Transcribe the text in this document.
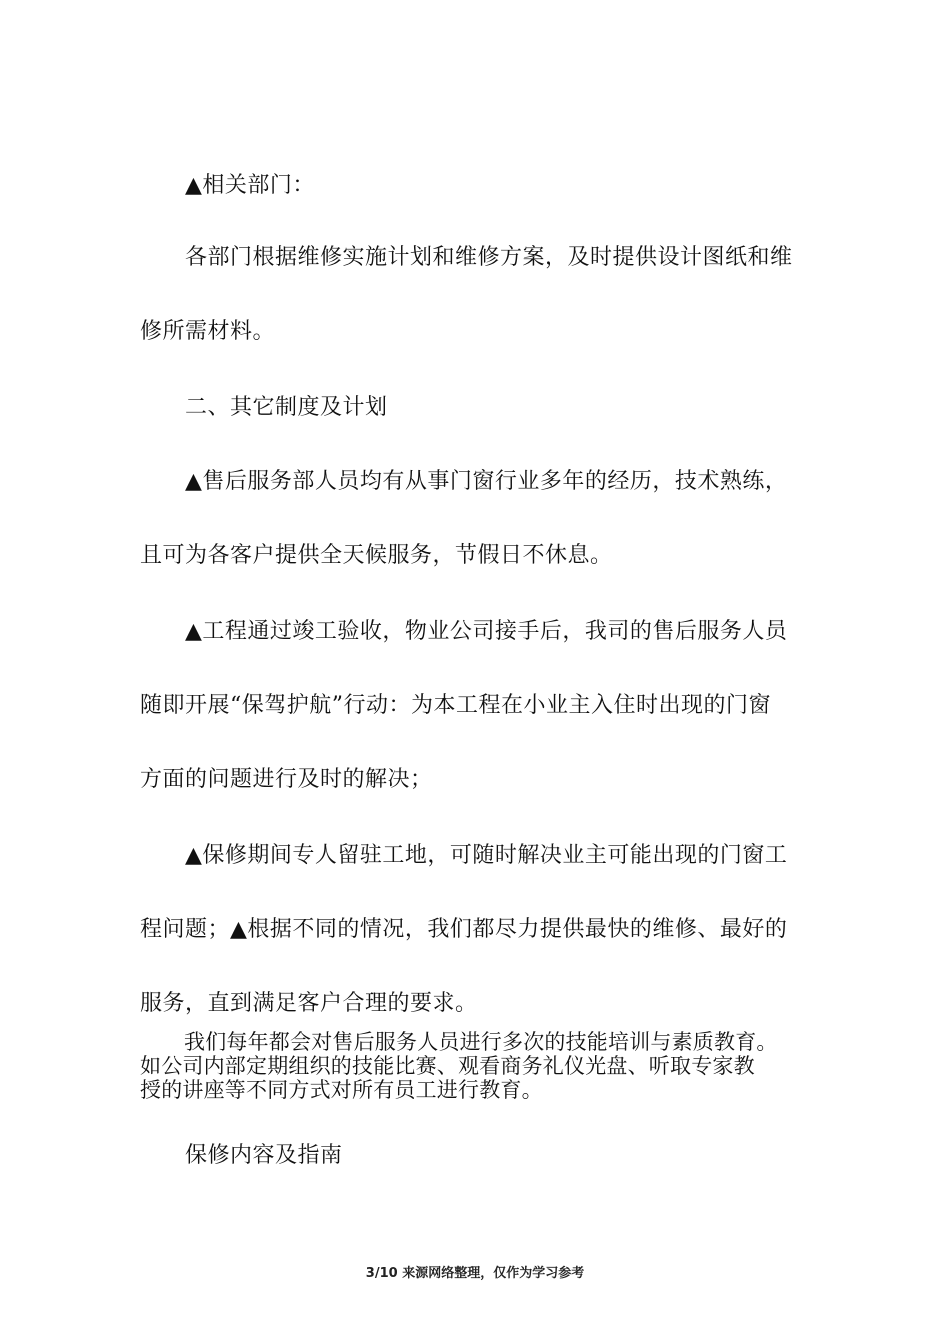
▲相关部门：
各部门根据维修实施计划和维修方案，及时提供设计图纸和维
修所需材料。
二、其它制度及计划
▲售后服务部人员均有从事门窗行业多年的经历，技术熟练，
且可为各客户提供全天候服务，节假日不休息。
▲工程通过竣工验收，物业公司接手后，我司的售后服务人员
随即开展“保驾护航”行动：为本工程在小业主入住时出现的门窗
方面的问题进行及时的解决；
▲保修期间专人留驻工地，可随时解决业主可能出现的门窗工
程问题；▲根据不同的情况，我们都尽力提供最快的维修、最好的
服务，直到满足客户合理的要求。

我们每年都会对售后服务人员进行多次的技能培训与素质教育。

如公司内部定期组织的技能比赛、观看商务礼仪光盘、听取专家教

授的讲座等不同方式对所有员工进行教育。

保修内容及指南
3/10 来源网络整理，仅作为学习参考
